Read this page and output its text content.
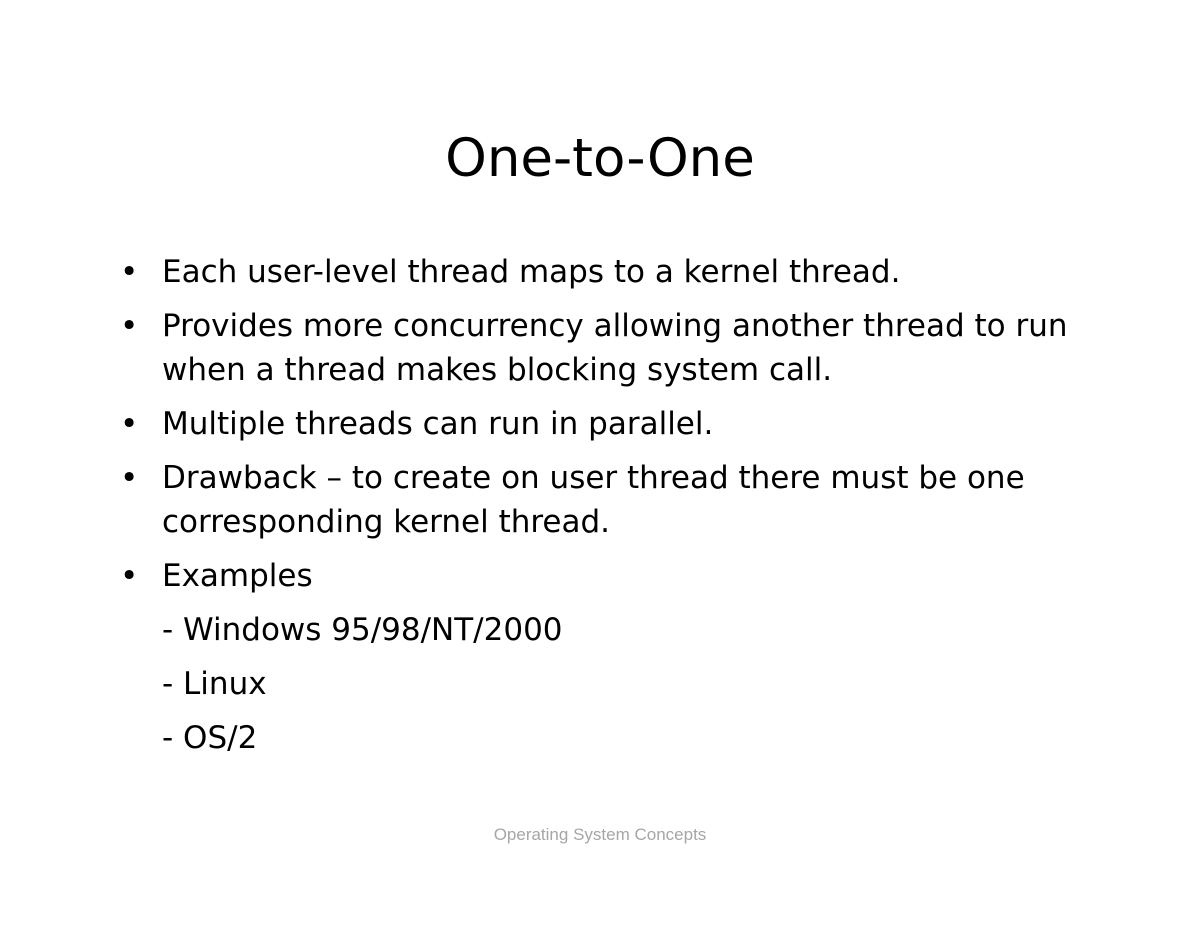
One-to-One
• Each user-level thread maps to a kernel thread.
• Provides more concurrency allowing another thread to run when a thread makes blocking system call.
• Multiple threads can run in parallel.
• Drawback – to create on user thread there must be one corresponding kernel thread.
• Examples
- Windows 95/98/NT/2000
- Linux
- OS/2
Operating System Concepts
